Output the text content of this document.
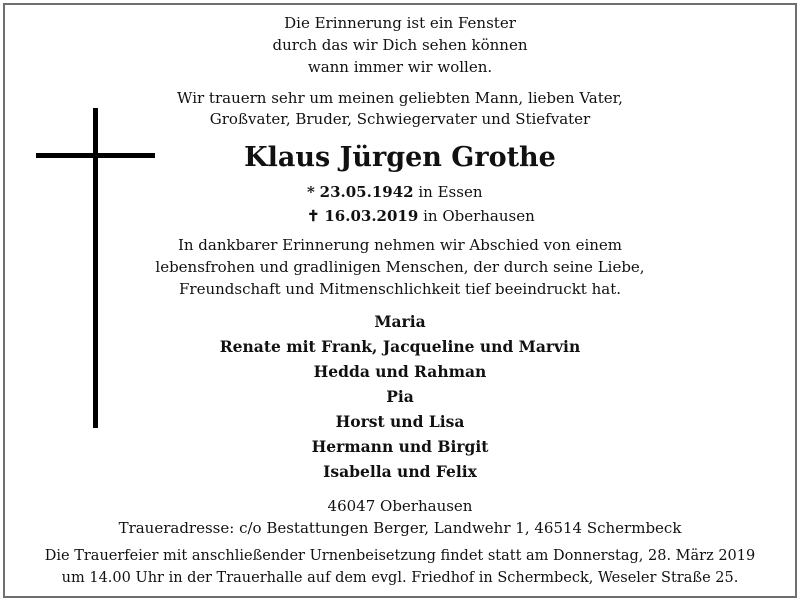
Die Erinnerung ist ein Fenster
durch das wir Dich sehen können
wann immer wir wollen.
Wir trauern sehr um meinen geliebten Mann, lieben Vater,
Großvater, Bruder, Schwiegervater und Stiefvater
Klaus Jürgen Grothe
* 23.05.1942 in Essen
✝ 16.03.2019 in Oberhausen
In dankbarer Erinnerung nehmen wir Abschied von einem
lebensfrohen und gradlinigen Menschen, der durch seine Liebe,
Freundschaft und Mitmenschlichkeit tief beeindruckt hat.
Maria
Renate mit Frank, Jacqueline und Marvin
Hedda und Rahman
Pia
Horst und Lisa
Hermann und Birgit
Isabella und Felix
46047 Oberhausen
Traueradresse: c/o Bestattungen Berger, Landwehr 1, 46514 Schermbeck
Die Trauerfeier mit anschließender Urnenbeisetzung findet statt am Donnerstag, 28. März 2019
um 14.00 Uhr in der Trauerhalle auf dem evgl. Friedhof in Schermbeck, Weseler Straße 25.
